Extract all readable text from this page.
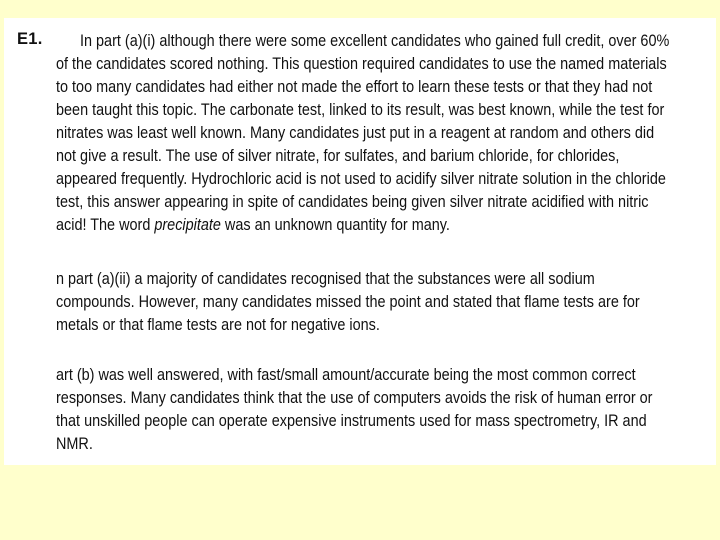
E1. In part (a)(i) although there were some excellent candidates who gained full credit, over 60%
of the candidates scored nothing. This question required candidates to use the named materials
to too many candidates had either not made the effort to learn these tests or that they had not
been taught this topic. The carbonate test, linked to its result, was best known, while the test for
nitrates was least well known. Many candidates just put in a reagent at random and others did
not give a result. The use of silver nitrate, for sulfates, and barium chloride, for chlorides,
appeared frequently. Hydrochloric acid is not used to acidify silver nitrate solution in the chloride
test, this answer appearing in spite of candidates being given silver nitrate acidified with nitric
acid! The word precipitate was an unknown quantity for many.
n part (a)(ii) a majority of candidates recognised that the substances were all sodium
compounds. However, many candidates missed the point and stated that flame tests are for
metals or that flame tests are not for negative ions.
art (b) was well answered, with fast/small amount/accurate being the most common correct
responses. Many candidates think that the use of computers avoids the risk of human error or
that unskilled people can operate expensive instruments used for mass spectrometry, IR and
NMR.
